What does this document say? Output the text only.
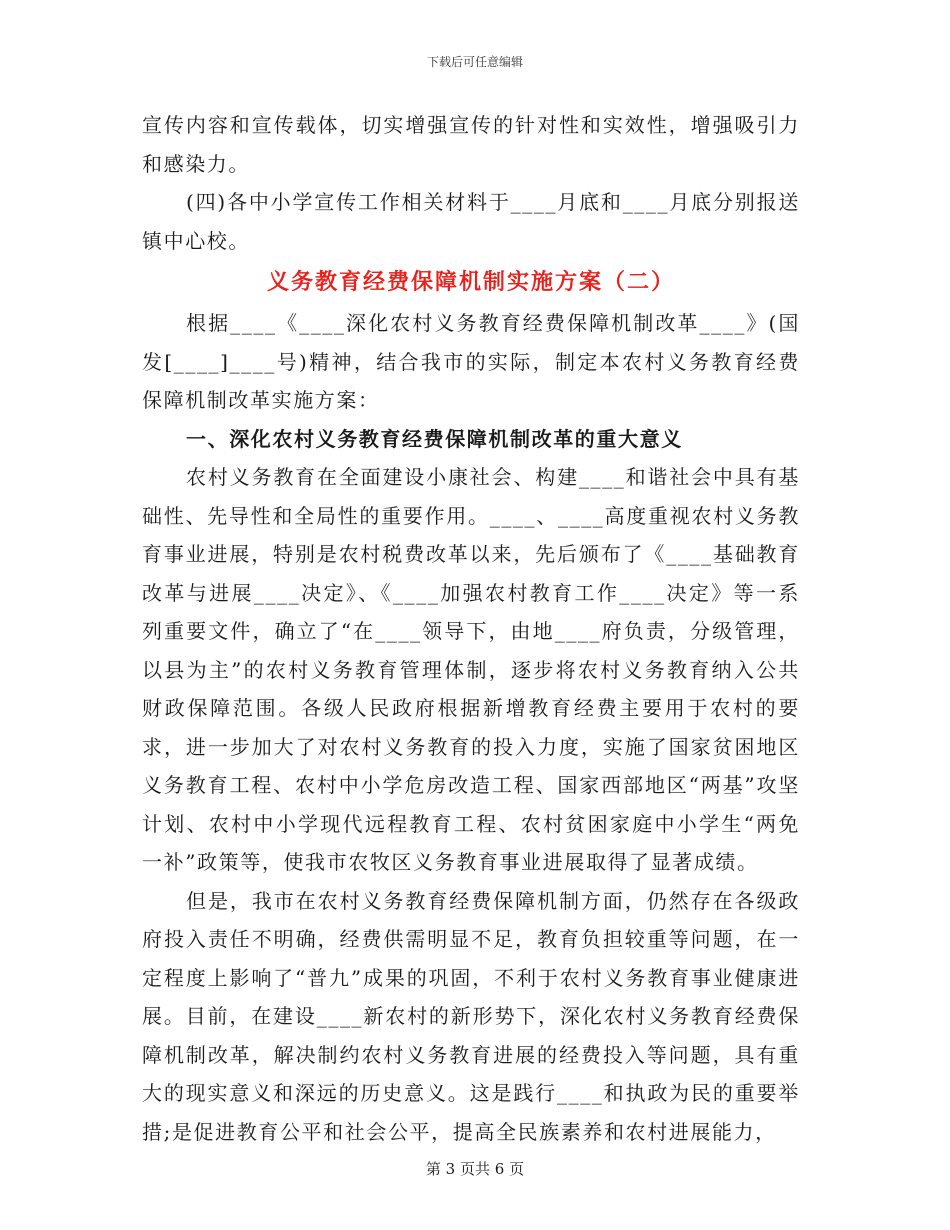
下载后可任意编辑

宣传内容和宣传载体，切实增强宣传的针对性和实效性，增强吸引力和感染力。

(四)各中小学宣传工作相关材料于____月底和____月底分别报送镇中心校。

义务教育经费保障机制实施方案（二）

根据____《____深化农村义务教育经费保障机制改革____》(国发[____]____号)精神，结合我市的实际，制定本农村义务教育经费保障机制改革实施方案：

一、深化农村义务教育经费保障机制改革的重大意义

农村义务教育在全面建设小康社会、构建____和谐社会中具有基础性、先导性和全局性的重要作用。____、____高度重视农村义务教育事业进展，特别是农村税费改革以来，先后颁布了《____基础教育改革与进展____决定》、《____加强农村教育工作____决定》等一系列重要文件，确立了“在____领导下，由地____府负责，分级管理，以县为主”的农村义务教育管理体制，逐步将农村义务教育纳入公共财政保障范围。各级人民政府根据新增教育经费主要用于农村的要求，进一步加大了对农村义务教育的投入力度，实施了国家贫困地区义务教育工程、农村中小学危房改造工程、国家西部地区“两基”攻坚计划、农村中小学现代远程教育工程、农村贫困家庭中小学生“两免一补”政策等，使我市农牧区义务教育事业进展取得了显著成绩。

但是，我市在农村义务教育经费保障机制方面，仍然存在各级政府投入责任不明确，经费供需明显不足，教育负担较重等问题，在一定程度上影响了“普九”成果的巩固，不利于农村义务教育事业健康进展。目前，在建设____新农村的新形势下，深化农村义务教育经费保障机制改革，解决制约农村义务教育进展的经费投入等问题，具有重大的现实意义和深远的历史意义。这是践行____和执政为民的重要举措;是促进教育公平和社会公平，提高全民族素养和农村进展能力，

第 3 页共 6 页
